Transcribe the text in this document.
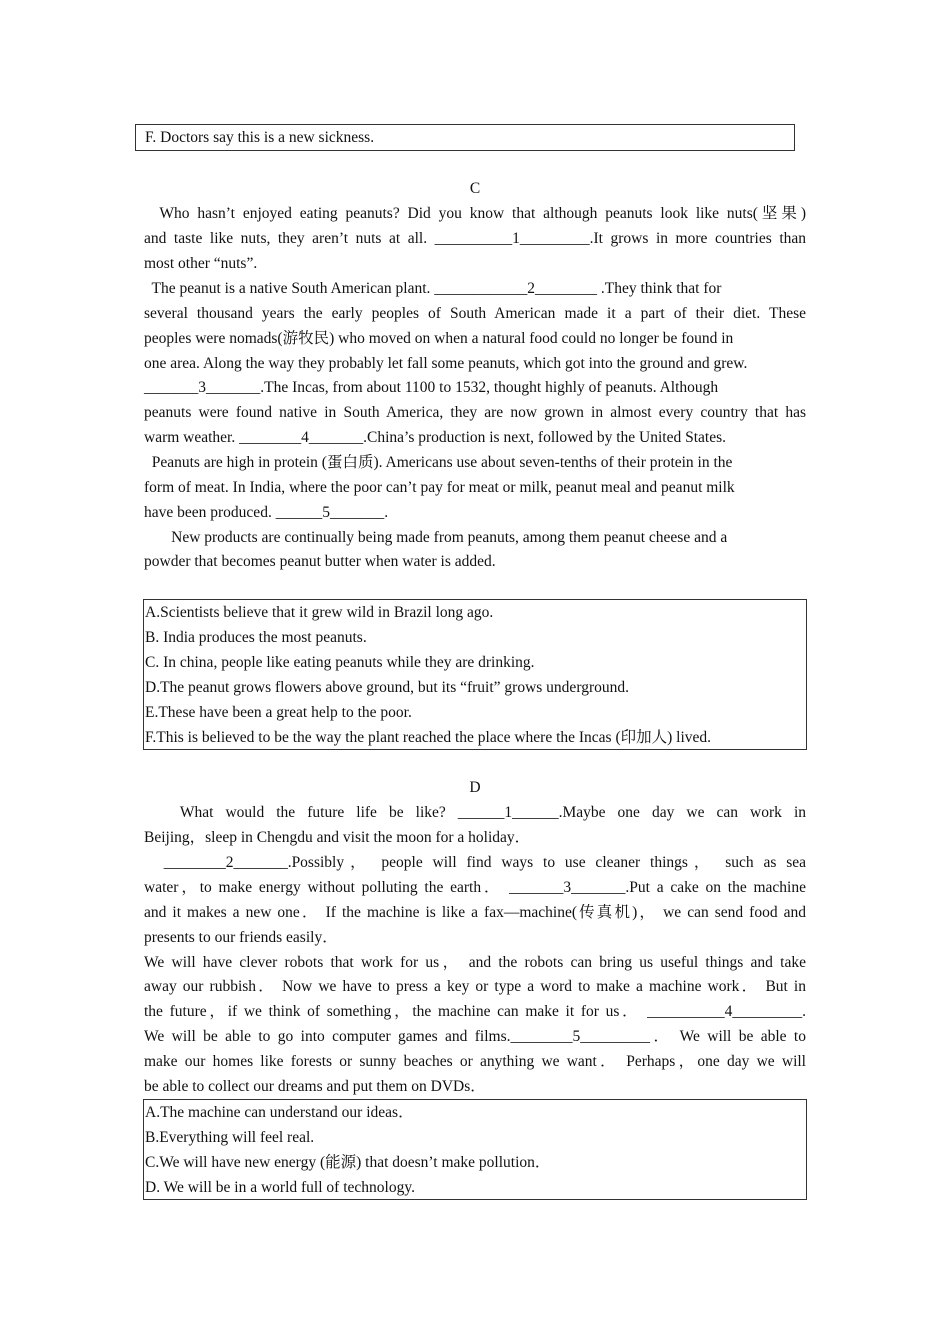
F. Doctors say this is a new sickness.
C
Who hasn’t enjoyed eating peanuts? Did you know that although peanuts look like nuts(坚果)
and taste like nuts, they aren’t nuts at all. __________1_________.It grows in more countries than
most other “nuts”.
The peanut is a native South American plant. ____________2________ .They think that for
several thousand years the early peoples of South American made it a part of their diet. These
peoples were nomads(游牧民) who moved on when a natural food could no longer be found in
one area. Along the way they probably let fall some peanuts, which got into the ground and grew.
_______3_______.The Incas, from about 1100 to 1532, thought highly of peanuts. Although
peanuts were found native in South America, they are now grown in almost every country that has
warm weather. ________4_______.China’s production is next, followed by the United States.
Peanuts are high in protein (蛋白质). Americans use about seven-tenths of their protein in the
form of meat. In India, where the poor can’t pay for meat or milk, peanut meal and peanut milk
have been produced. ______5_______.
New products are continually being made from peanuts, among them peanut cheese and a
powder that becomes peanut butter when water is added.
A.Scientists believe that it grew wild in Brazil long ago.
B. India produces the most peanuts.
C. In china, people like eating peanuts while they are drinking.
D.The peanut grows flowers above ground, but its “fruit” grows underground.
E.These have been a great help to the poor.
F.This is believed to be the way the plant reached the place where the Incas (印加人) lived.
D
What would the future life be like? ______1______.Maybe one day we can work in
Beijing，sleep in Chengdu and visit the moon for a holiday．
________2_______.Possibly， people will find ways to use cleaner things， such as sea
water，to make energy without polluting the earth． _______3_______.Put a cake on the machine
and it makes a new one． If the machine is like a fax—machine(传真机)， we can send food and
presents to our friends easily．
We will have clever robots that work for us， and the robots can bring us useful things and take
away our rubbish． Now we have to press a key or type a word to make a machine work． But in
the future，if we think of something，the machine can make it for us． __________4_________.
We will be able to go into computer games and films.________5_________． We will be able to
make our homes like forests or sunny beaches or anything we want． Perhaps，one day we will
be able to collect our dreams and put them on DVDs．
A.The machine can understand our ideas．
B.Everything will feel real.
C.We will have new energy (能源) that doesn’t make pollution．
D. We will be in a world full of technology.
